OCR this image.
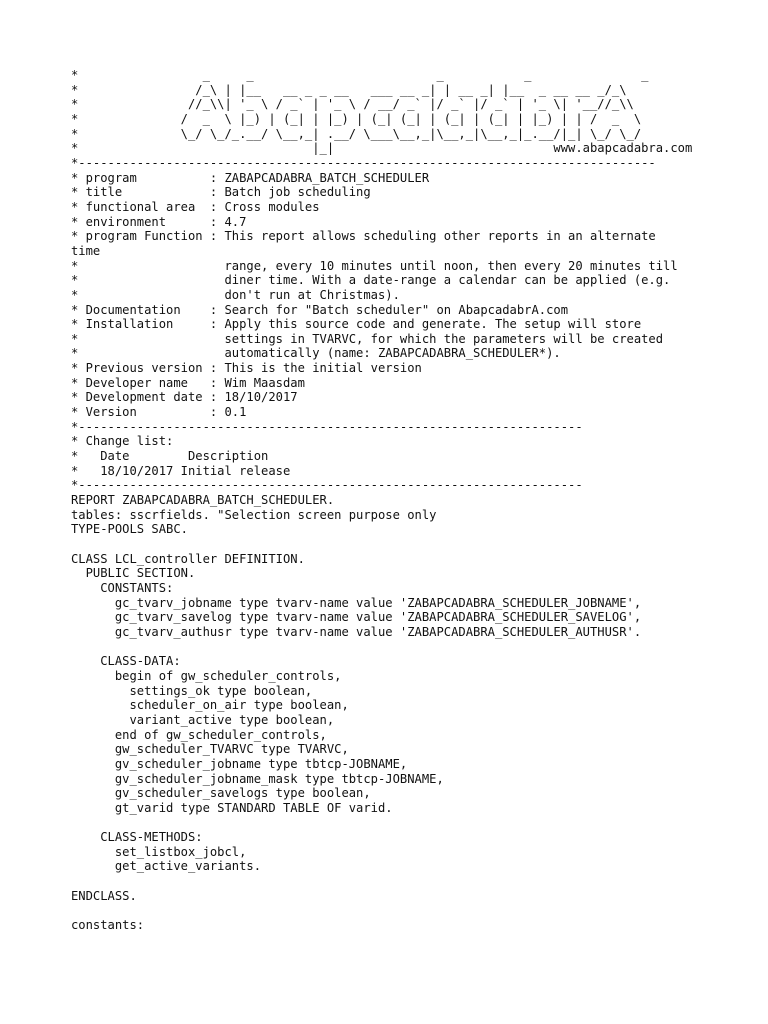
*                 _     _                         _           _               _
*                /_\ | |__   __ _ _ __   ___ __ _| | __ _| |__  _ __ __ _/_\
*               //_\\| '_ \ / _` | '_ \ / __/ _` |/ _` |/ _` | '_ \| '__//_\\
*              /  _  \ |_) | (_| | |_) | (_| (_| | (_| | (_| | |_) | | /  _  \
*              \_/ \_/_.__/ \__,_| .__/ \___\__,_|\__,_|\__,_|_.__/|_| \_/ \_/
*                                |_|                              www.abapcadabra.com
*-------------------------------------------------------------------------------
* program          : ZABAPCADABRA_BATCH_SCHEDULER
* title            : Batch job scheduling
* functional area  : Cross modules
* environment      : 4.7
* program Function : This report allows scheduling other reports in an alternate
time
*                    range, every 10 minutes until noon, then every 20 minutes till
*                    diner time. With a date-range a calendar can be applied (e.g.
*                    don't run at Christmas).
* Documentation    : Search for "Batch scheduler" on AbapcadabrA.com
* Installation     : Apply this source code and generate. The setup will store
*                    settings in TVARVC, for which the parameters will be created
*                    automatically (name: ZABAPCADABRA_SCHEDULER*).
* Previous version : This is the initial version
* Developer name   : Wim Maasdam
* Development date : 18/10/2017
* Version          : 0.1
*---------------------------------------------------------------------
* Change list:
*   Date        Description
*   18/10/2017 Initial release
*---------------------------------------------------------------------
REPORT ZABAPCADABRA_BATCH_SCHEDULER.
tables: sscrfields. "Selection screen purpose only
TYPE-POOLS SABC.
CLASS LCL_controller DEFINITION.
PUBLIC SECTION.
CONSTANTS:
gc_tvarv_jobname type tvarv-name value 'ZABAPCADABRA_SCHEDULER_JOBNAME',
gc_tvarv_savelog type tvarv-name value 'ZABAPCADABRA_SCHEDULER_SAVELOG',
gc_tvarv_authusr type tvarv-name value 'ZABAPCADABRA_SCHEDULER_AUTHUSR'.
CLASS-DATA:
begin of gw_scheduler_controls,
settings_ok type boolean,
scheduler_on_air type boolean,
variant_active type boolean,
end of gw_scheduler_controls,
gw_scheduler_TVARVC type TVARVC,
gv_scheduler_jobname type tbtcp-JOBNAME,
gv_scheduler_jobname_mask type tbtcp-JOBNAME,
gv_scheduler_savelogs type boolean,
gt_varid type STANDARD TABLE OF varid.
CLASS-METHODS:
set_listbox_jobcl,
get_active_variants.
ENDCLASS.
constants:
